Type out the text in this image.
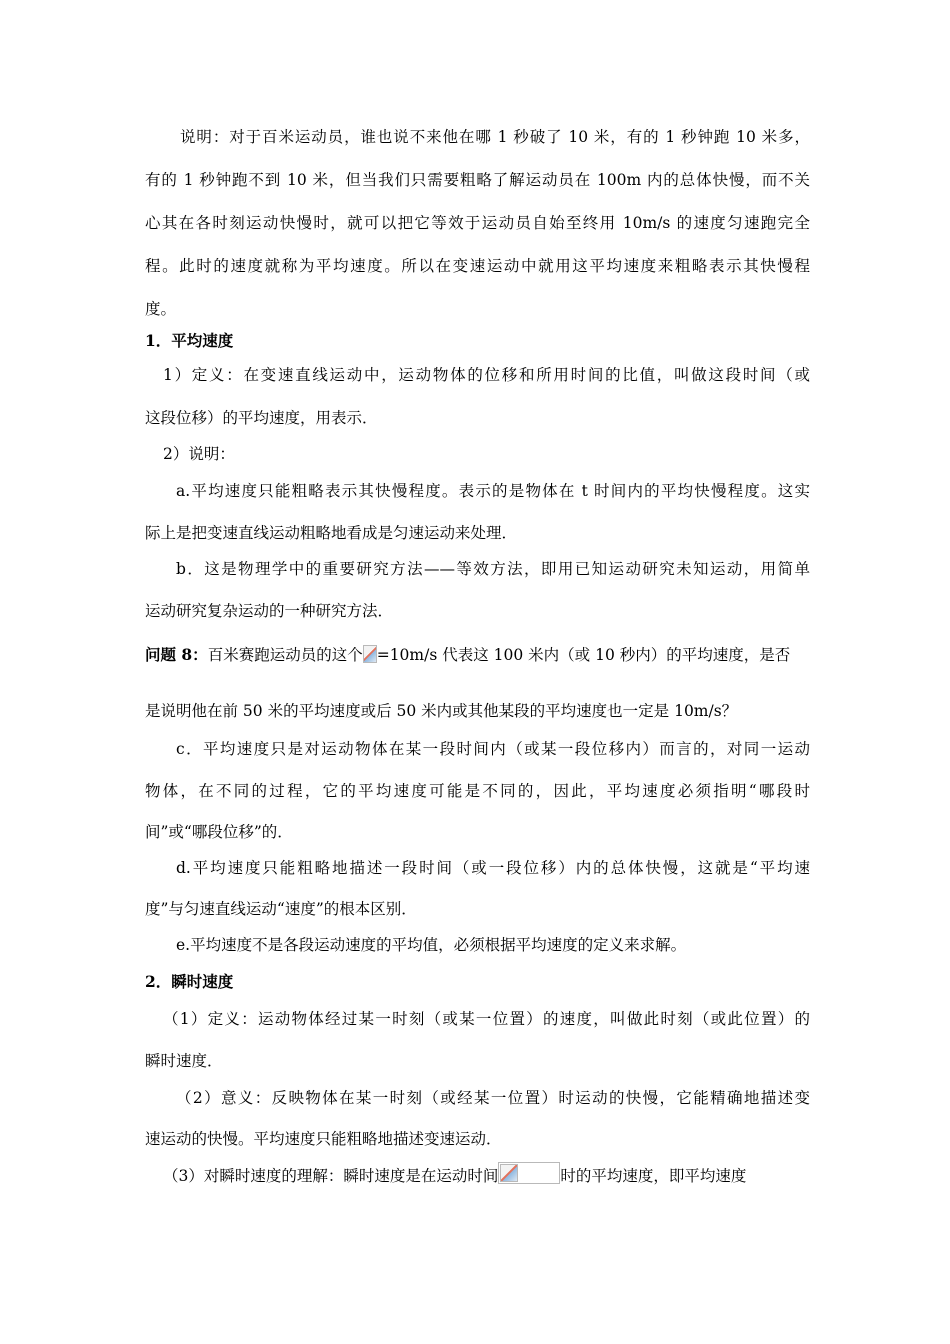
说明：对于百米运动员，谁也说不来他在哪 1 秒破了 10 米，有的 1 秒钟跑 10 米多，
有的 1 秒钟跑不到 10 米，但当我们只需要粗略了解运动员在 100m 内的总体快慢，而不关
心其在各时刻运动快慢时，就可以把它等效于运动员自始至终用 10m/s 的速度匀速跑完全
程。此时的速度就称为平均速度。所以在变速运动中就用这平均速度来粗略表示其快慢程
度。
1．平均速度
1）定义：在变速直线运动中，运动物体的位移和所用时间的比值，叫做这段时间（或
这段位移）的平均速度，用表示．
2）说明：
a.平均速度只能粗略表示其快慢程度。表示的是物体在 t 时间内的平均快慢程度。这实
际上是把变速直线运动粗略地看成是匀速运动来处理．
b．这是物理学中的重要研究方法——等效方法，即用已知运动研究未知运动，用简单
运动研究复杂运动的一种研究方法．
问题 8：百米赛跑运动员的这个 =10m/s 代表这 100 米内（或 10 秒内）的平均速度，是否
是说明他在前 50 米的平均速度或后 50 米内或其他某段的平均速度也一定是 10m/s？
c．平均速度只是对运动物体在某一段时间内（或某一段位移内）而言的，对同一运动
物体，在不同的过程，它的平均速度可能是不同的，因此，平均速度必须指明“哪段时
间”或“哪段位移”的．
d.平均速度只能粗略地描述一段时间（或一段位移）内的总体快慢，这就是“平均速
度”与匀速直线运动“速度”的根本区别．
e.平均速度不是各段运动速度的平均值，必须根据平均速度的定义来求解。
2．瞬时速度
（1）定义：运动物体经过某一时刻（或某一位置）的速度，叫做此时刻（或此位置）的
瞬时速度．
（2）意义：反映物体在某一时刻（或经某一位置）时运动的快慢，它能精确地描述变
速运动的快慢。平均速度只能粗略地描述变速运动．
（3）对瞬时速度的理解：瞬时速度是在运动时间	时的平均速度，即平均速度
